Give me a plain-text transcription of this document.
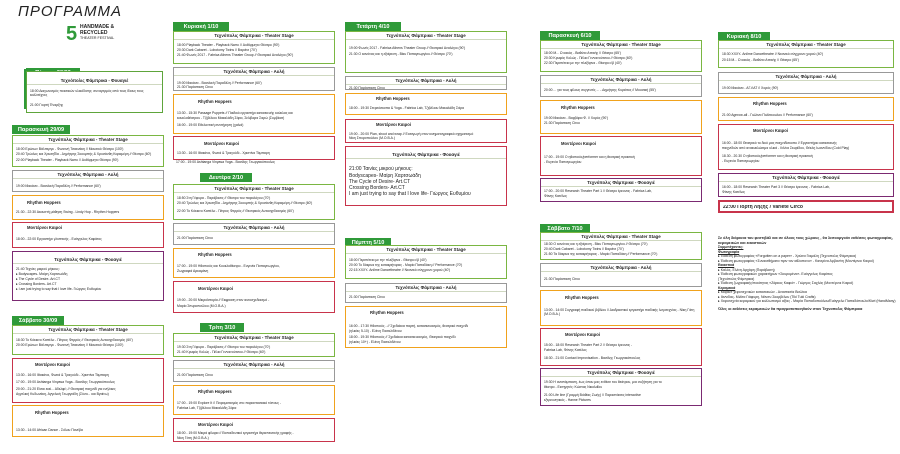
ΠΡΟΓΡΑΜΜΑ
5 HANDMADE &
RECYCLED
THEATER FESTIVAL
Τεχνόπολις Φάμπρικα - Φουαγιέ
18:00 Διαγωνισμός ποιοτικών υλικόδισης: συναγερμός από τους ίδιους τους καλλιτέχνες
21:00 Γιορτή Έναρξης
Παρασκευή 29/09
Τεχνόπολις Φάμπρικα - Theater Stage
18:00 Ερώτων Βάλπεργκ - Φωτεινή Τσακνάκη // Μουσικό Θέατρο (100')
20:40 Τρώιλος και Χρυσηΐδα - Δημήτρης Σκουμπής & Χρυσάνθη Καραμέρη // Θέατρο (60')
22:00 Playback Theater - Playback Narro // Αυθόρμητο Θέατρο (90')
Τεχνόπολις Φάμπρικα - Αυλή
19:00 Ιθακάνα - Βασιλική Παραδέλη // Performance (60')
Rhythm Hoppers
21:30 - 22:30 Ακουστή μάθηση Swing - Lindy Hop - Rhythm Hoppers
Μοντέρνοι Καιροί
18:00 - 22:00 Εργαστήρι γλυπτικής - Ευάγγελος Καφάτος
Τεχνόπολις Φάμπρικα - Φουαγιέ
21:40 Τεχνίες μικρού μήκους:
▸ Bodyscapes- Μαίρη Χαρτσωάδη
▸ The Cycle of Desire- Art.CT
▸ Crossing Borders- Art.CT
▸ I am just trying to say that I love life- Γιώργος Ευθυμίου
Σάββατο 30/09
Τεχνόπολις Φάμπρικα - Theater Stage
18:30 Το Κόκκινο Καπέλο - Πέτρος Φερρός // Θεατρικός Αυτοσχεδιασμός (60')
20:00 Ερώτων Βάλπεργκ - Φωτεινή Τσακνάκη // Μουσικό Θέατρο (100')
Μοντέρνοι Καιροί
13:30 - 16:00 Ιθακάνα, Φωτιά & Τραγούδι - Χριστίνα Τάμπαρη
17:00 - 19:00 Ashtanga Vinyasa Yoga - Βασίλης Γεωργακόπουλος
20:00 - 21:20 Είσαι εκεί... Αδελφέ; // Θεατρική παιχνιδί για ενήλικες
Αγγελική Κυδωνάκη, Αγγελική Γεωργιάδη (Σύνα... και Βγαίνω)
Rhythm Hoppers
13:30 - 14:00 African Dance - Σόλου Πανέβα
Κυριακή 1/10
Τεχνόπολις Φάμπρικα - Theater Stage
18:00 Playback Theater - Playback Narro // Αυθόρμητο Θέατρο (90')
20:30 Dark Cabaret - Lobotomy Twins // Βαριέτε (70')
21:40 Φωνές 2017 - Fabrica Athens Theater Group // Θεατρικό Αναλόγιο (90')
Τεχνόπολις Φάμπρικα - Αυλή
19:00 Ιθακάνα - Βασιλική Παραδέλη // Performance (60')
21:30 Παράσταση Circo
Rhythm Hoppers
13:30 - 15:30 Passage Puppets // Παιδικό εργαστήρι κατασκευής κούκλας και
κουκλοθέατρου - Τζιβέλιου Μακαλάδη Σάρα, Σελίβαρα Σαρώ (Συμβίοσι)
16:00 - 19:00 Εθελοντική συντήρηση (χαλιά)
Μοντέρνοι Καιροί
13:30 - 16:00 Ιθακάνα, Φωτιά & Τραγούδι - Χριστίνα Τάμπαρη
17:00 - 19:00 Ashtanga Vinyasa Yoga - Βασίλης Γεωργακόπουλος
Δευτέρα 2/10
Τεχνόπολις Φάμπρικα - Theater Stage
18:50 Στη Γέφυρα - Παράβασις // Θέατρο του παραλόγου (70')
20:40 Τρώιλος και Χρυσηΐδα - Δημήτρης Σκουμπής & Χρυσάνθη Καραμέρη // Θέατρο (60')
22:00 Το Κόκκινο Καπέλο - Πέτρος Φερρός // Θεατρικός Αυτοσχεδιασμός (60')
Τεχνόπολις Φάμπρικα - Αυλή
21:00 Παράσταση Circo
Rhythm Hoppers
17:00 - 19:00 Ηθοποιός και Κουκλοθέατρο - Ευγενία Παπαγεωργίου,
Ζωγραφιά Αρκαμάνη
Μοντέρνοι Καιροί
19:00 - 20:00 Μικροϊστορία // Εκφραση στον αυτοσχεδιασμό -
Μαρία Σπυροπούλου (Μ.Ο.Β.Α.)
Τρίτη 3/10
Τεχνόπολις Φάμπρικα - Theater Stage
19:30 Στη Γέφυρα - Παράβασις // Θέατρο του παραλόγου (70')
21:40 Κρυφός Κολώς - Πέλια Γεννανούτσου // Θέατρο (60')
Τεχνόπολις Φάμπρικα - Αυλή
21:00 Παράσταση Circo
Rhythm Hoppers
17:00 - 19:00 Explore It // Πειραματισμός στο παραστασιακό τόπους -
Fabrica Lab, Τζιβέλιου Μακαλάδη Σάρα
Μοντέρνοι Καιροί
18:00 - 19:00 Μικρά φίλαρα // Εκπαιδευτικό εργαστήρι θεραπευτικής γραφής -
Νίκη Γάτη (Μ.Ο.Β.Α.)
Τετάρτη 4/10
Τεχνόπολις Φάμπρικα - Theater Stage
19:00 Φωνές 2017 - Fabrica Athens Theater Group // Θεατρικό Αναλόγιο (90')
21:30 Ο κανόνας και η εξαίρεση - Βίκυ Παπαγεωργίου // Θέατρο (70')
Τεχνόπολις Φάμπρικα - Αυλή
21:30 Παράσταση Circo
Rhythm Hoppers
18:00 - 19:30 Στερεόσκοπα & Yoga - Fabrica Lab, Τζιβέλιου Μακαλάδη Σάρα
Μοντέρνοι Καιροί
19:00 - 20:00 Plan, shoot and wrap // Εισαγωγή στον κινηματογραφικό σχηματισμό
Νίκη Σπυροπούλου (Μ.Ο.Β.Α.)
Τεχνόπολις Φάμπρικα - Φουαγιέ
21:00 Ταινίες μικρού μήκους:
Bodyscapes- Μαίρη Χαρτσωάδη
The Cycle of Desire- Art.CT
Crossing Borders- Art.CT
I am just trying to say that I love life- Γιώργος Ευθυμίου
Πέμπτη 5/10
Τεχνόπολις Φάμπρικα - Theater Stage
18:00 Περιπέτεια με την πλεξάρνα - Θέατρο έβ (40')
20:00 Το δάκρυα της κατακρήτορας - Μαρία Παπαδάκη // Performance (70')
22:15 ΧΧΧΥ- Anilme Dancetheatre // Νεανικό σύγχρονο χορού (40')
Τεχνόπολις Φάμπρικα - Αυλή
21:30 Παράσταση Circo
Rhythm Hoppers
16:00 - 17:30 Ηθοποιός - // Σχεδιάκια παρτή, κατασκευασμός, θεατρικό παιχνίδι
(ηλικίες 5-10) - Ελένη Πασαλιδένου
18:00 - 19:30 Ηθοποιός // Σχεδιάκια κατασκευασμός, Θεατρικό παιχνίδι
(ηλικίες 10+) - Ελένη Πασαλιδένου
Παρασκευή 6/10
Τεχνόπολις Φάμπρικα - Theater Stage
18:00 Μ... Ω κακός - Βαθύτα Αττικής // Θέατρο (65')
20:30 Κρυφός Κολώς - Πέλια Γεννανούτσου // Θέατρο (60')
22:30 Περιπέτεια με την πλεξάρνα - Θέατρο έβ (40')
Τεχνόπολις Φάμπρικα - Αυλή
20:00 ... για τους φίλους συγγενείς ... - Δημήτρης Κυριάτος // Μουσική (55')
Rhythm Hoppers
19:00 Ιθακάνα - Βαρβάρα Φ. // Χορός (90')
21:30 Παράσταση Circo
Μοντέρνοι Καιροί
17:00 - 19:00 Ο ηθοποιός/performer και η θεατρική πρακτική
- Ευγενία Παπαγεωργίου
Τεχνόπολις Φάμπρικα - Φουαγιέ
17:00 - 20:00 Research Theater Part 1 // Θέατρο έρευνας - Fabrica Lab,
Φάνης Κατέλος
Σάββατο 7/10
Τεχνόπολις Φάμπρικα - Theater Stage
18:30 Ο κανόνας και η εξαίρεση - Βίκυ Παπαγεωργίου // Θέατρο (70')
20:40 Dark Cabaret - Lobotomy Twins // Βαριέτε (70')
21:50 Τα δάκρυα της κατακρήτορας - Μαρία Παπαδάκη // Performance (70')
Τεχνόπολις Φάμπρικα - Αυλή
21:30 Παράσταση Circo
Rhythm Hoppers
13:00 - 14:00 Συγγραφή παιδικού βιβλίου // Διαδραστικό εργαστήρι παιδικής λογοτεχνίας - Νίκη Γάτη (Μ.Ο.Β.Α.)
Μοντέρνοι Καιροί
15:00 - 18:00 Research Theater Part 2 // Θέατρο έρευνας -
Fabrica Lab, Φάνης Κατέλος
18:30 - 21:00 Contact Improvisation - Βασίλης Γεωργακόπουλος
Τεχνόπολις Φάμπρικα - Φουαγιέ
19:30 Η αναπάμπαση, έως όπου μας ενθέσε του θεάτρου, μια συζήτηση για το
θέατρο - Εισηγητές: Κώστας Νικολαΐου
21:00 Life line (Γραμμή Βιόθίας Ζωής) // Παραστάσεις interactive
εξερευνητικός - Hanne Pictures
Κυριακή 8/10
Τεχνόπολις Φάμπρικα - Theater Stage
18:30 ΧΧΧΥ- Anilme Dancetheatre // Νεανικό σύγχρονο χορού (40')
20:15 Μ... Ω κακός - Βαθύτα Αττικής // Θέατρο (65')
Τεχνόπολις Φάμπρικα - Αυλή
19:00 Ιθακάνα - ΑΓ.ΛΑΤ // Χορός (90')
Rhythm Hoppers
21:00 Agnrow-all - Γιώλινα Πολίτικουλου // Performance (60')
Μοντέρνοι Καιροί
16:00 - 18:00 Θεατρικό το δικό μας παιχνιδίσκοπο // Εργαστήριο κατασκευής
παιχνιδιών από ανακυκλώσιμα υλικά - Λιλίνα Σκυρίδου, Θέκλη Ιωαννίδου (Cold Play)
18.30 - 20.30 Ο ηθοποιός/performer και η θεατρική πρακτική
- Ευγενία Παπαγεωργίου
Τεχνόπολις Φάμπρικα - Φουαγιέ
16:00 - 18:00 Research Theater Part 3 // Θέατρο έρευνας - Fabrica Lab,
Φάνης Κατέλος
22:00 Γιορτή Λήξης / Variete Circo
Σε όλη διάρκεια του φεστιβάλ και σε όλους τους χώρους , θα λειτουργούν εκθέσεις φωτογραφίας, κεραμεικών και εικαστικών
Συμμετέχοντες:
Φωτογραφία
▸ Έκθεση φωτογραφίας «Forgotten on a paper» - Χρύσα Γιαμάλη (Τεχνοπολις Φάμπρικα)
▸ Έκθεση φωτογραφίας «Συναισθήματα πριν τον αθλοπονο» - Κατερίνα Αρβανίτη (Μοντέρνοι Καιροί)
Εικαστικά
▸ Καλός- Ελένη Αρχάρη (Παράβαση)
▸ Έκθεση φωτογραφικών χαρακτήρων «Σκυρομένα»- Ευάγγελος Καφάτος
(Τεχνόπολις Φάμπρικα)
▸ Έκθεση ζωγραφικής/ποιότητας «Ζάρκος Καφιό» - Γιώργος Σαχλάς (Μοντέρνοι Καιροί)
Κεραμεικά
▸ Μάρκετ χειροτεχνικών κατασκευών - Αναστασία Βούλκα
▸ Ιάννιδας- Μιλίτα Γιάφυρη, Νάνσυ Σκορβέλου (Tiki Tuki Crafts)
▸ Χειροτεχνία κεραμικού για καλλωπισμό αξίας - Μαρία Παπαδοπούλου/Ευάγγελο Παπαδόπουλο/Kiwi (HandMany)
Όλες οι εκθέσεις κεραμεικών θα πραγματοποιηθούν στον Τεχνοπολις Φάμπρικα
